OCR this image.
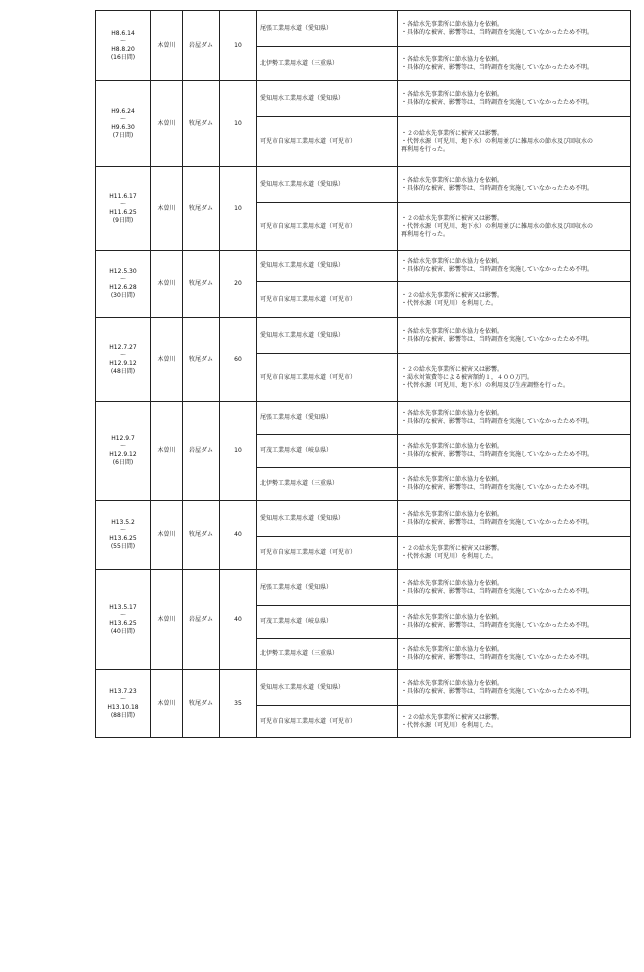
H8.6.14
～
H8.8.20
(16日間)	木曽川	岩屋ダム	10	尾張工業用水道（愛知県）	・各給水先事業所に節水協力を依頼。
・具体的な被害、影響等は、当時調査を実施していなかったため不明。

				北伊勢工業用水道（三重県）	・各給水先事業所に節水協力を依頼。
・具体的な被害、影響等は、当時調査を実施していなかったため不明。

H9.6.24
～
H9.6.30
(7日間)	木曽川	牧尾ダム	10	愛知用水工業用水道（愛知県）	・各給水先事業所に節水協力を依頼。
・具体的な被害、影響等は、当時調査を実施していなかったため不明。

				可児市自家用工業用水道（可児市）	・２の給水先事業所に被害又は影響。
・代替水源（可児川、地下水）の利用並びに雑用水の節水及び回収水の
再利用を行った。

H11.6.17
～
H11.6.25
(9日間)	木曽川	牧尾ダム	10	愛知用水工業用水道（愛知県）	・各給水先事業所に節水協力を依頼。
・具体的な被害、影響等は、当時調査を実施していなかったため不明。

				可児市自家用工業用水道（可児市）	・２の給水先事業所に被害又は影響。
・代替水源（可児川、地下水）の利用並びに雑用水の節水及び回収水の
再利用を行った。

H12.5.30
～
H12.6.28
(30日間)	木曽川	牧尾ダム	20	愛知用水工業用水道（愛知県）	・各給水先事業所に節水協力を依頼。
・具体的な被害、影響等は、当時調査を実施していなかったため不明。

				可児市自家用工業用水道（可児市）	・２の給水先事業所に被害又は影響。
・代替水源（可児川）を利用した。

H12.7.27
～
H12.9.12
(48日間)	木曽川	牧尾ダム	60	愛知用水工業用水道（愛知県）	・各給水先事業所に節水協力を依頼。
・具体的な被害、影響等は、当時調査を実施していなかったため不明。

				可児市自家用工業用水道（可児市）	・２の給水先事業所に被害又は影響。
・渇水対策費等による被害額約１，４００万円。
・代替水源（可児川、地下水）の利用及び生産調整を行った。

H12.9.7
～
H12.9.12
(6日間)	木曽川	岩屋ダム	10	尾張工業用水道（愛知県）	・各給水先事業所に節水協力を依頼。
・具体的な被害、影響等は、当時調査を実施していなかったため不明。

				可茂工業用水道（岐阜県）	・各給水先事業所に節水協力を依頼。
・具体的な被害、影響等は、当時調査を実施していなかったため不明。

				北伊勢工業用水道（三重県）	・各給水先事業所に節水協力を依頼。
・具体的な被害、影響等は、当時調査を実施していなかったため不明。

H13.5.2
～
H13.6.25
(55日間)	木曽川	牧尾ダム	40	愛知用水工業用水道（愛知県）	・各給水先事業所に節水協力を依頼。
・具体的な被害、影響等は、当時調査を実施していなかったため不明。

				可児市自家用工業用水道（可児市）	・２の給水先事業所に被害又は影響。
・代替水源（可児川）を利用した。

H13.5.17
～
H13.6.25
(40日間)	木曽川	岩屋ダム	40	尾張工業用水道（愛知県）	・各給水先事業所に節水協力を依頼。
・具体的な被害、影響等は、当時調査を実施していなかったため不明。

				可茂工業用水道（岐阜県）	・各給水先事業所に節水協力を依頼。
・具体的な被害、影響等は、当時調査を実施していなかったため不明。

				北伊勢工業用水道（三重県）	・各給水先事業所に節水協力を依頼。
・具体的な被害、影響等は、当時調査を実施していなかったため不明。

H13.7.23
～
H13.10.18
(88日間)	木曽川	牧尾ダム	35	愛知用水工業用水道（愛知県）	・各給水先事業所に節水協力を依頼。
・具体的な被害、影響等は、当時調査を実施していなかったため不明。

				可児市自家用工業用水道（可児市）	・２の給水先事業所に被害又は影響。
・代替水源（可児川）を利用した。
